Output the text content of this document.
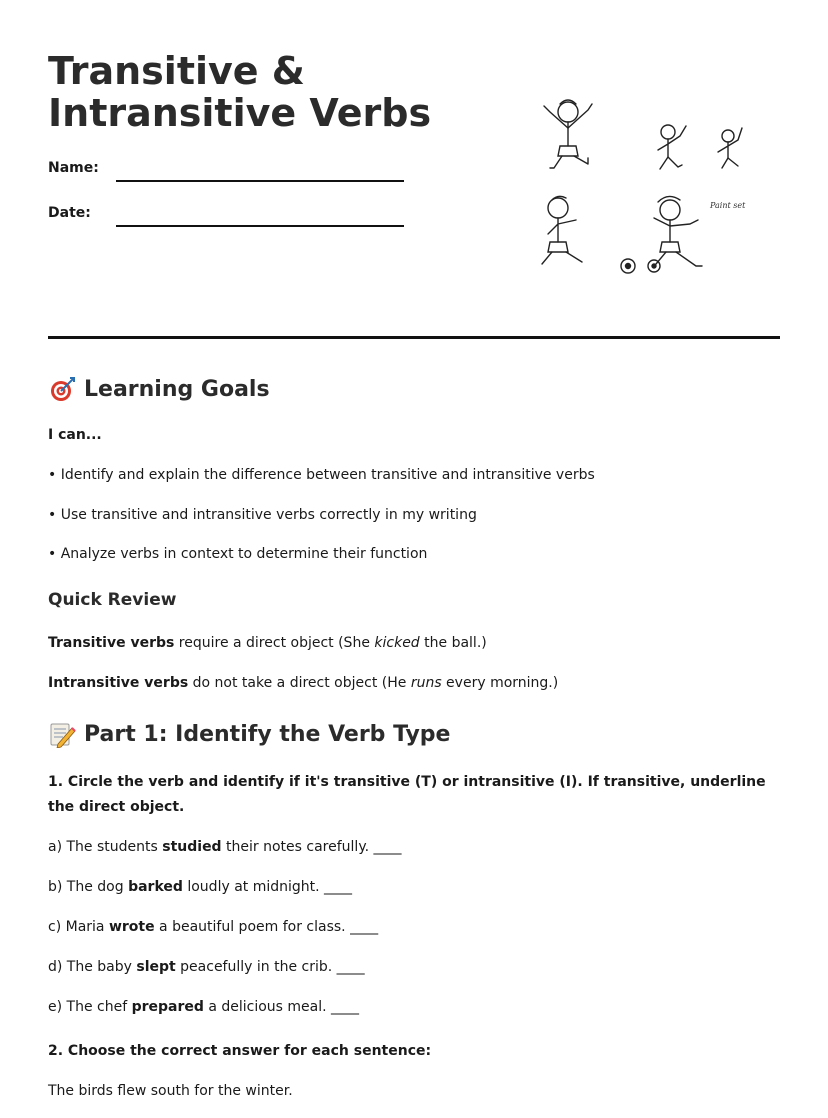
Transitive & Intransitive Verbs
Name:
Date:	Paint set
Learning Goals
I can...
• Identify and explain the difference between transitive and intransitive verbs
• Use transitive and intransitive verbs correctly in my writing
• Analyze verbs in context to determine their function
Quick Review
Transitive verbs require a direct object (She kicked the ball.)
Intransitive verbs do not take a direct object (He runs every morning.)
Part 1: Identify the Verb Type
1. Circle the verb and identify if it's transitive (T) or intransitive (I). If transitive, underline the direct object.
a) The students studied their notes carefully. ____
b) The dog barked loudly at midnight. ____
c) Maria wrote a beautiful poem for class. ____
d) The baby slept peacefully in the crib. ____
e) The chef prepared a delicious meal. ____
2. Choose the correct answer for each sentence:
The birds flew south for the winter.
